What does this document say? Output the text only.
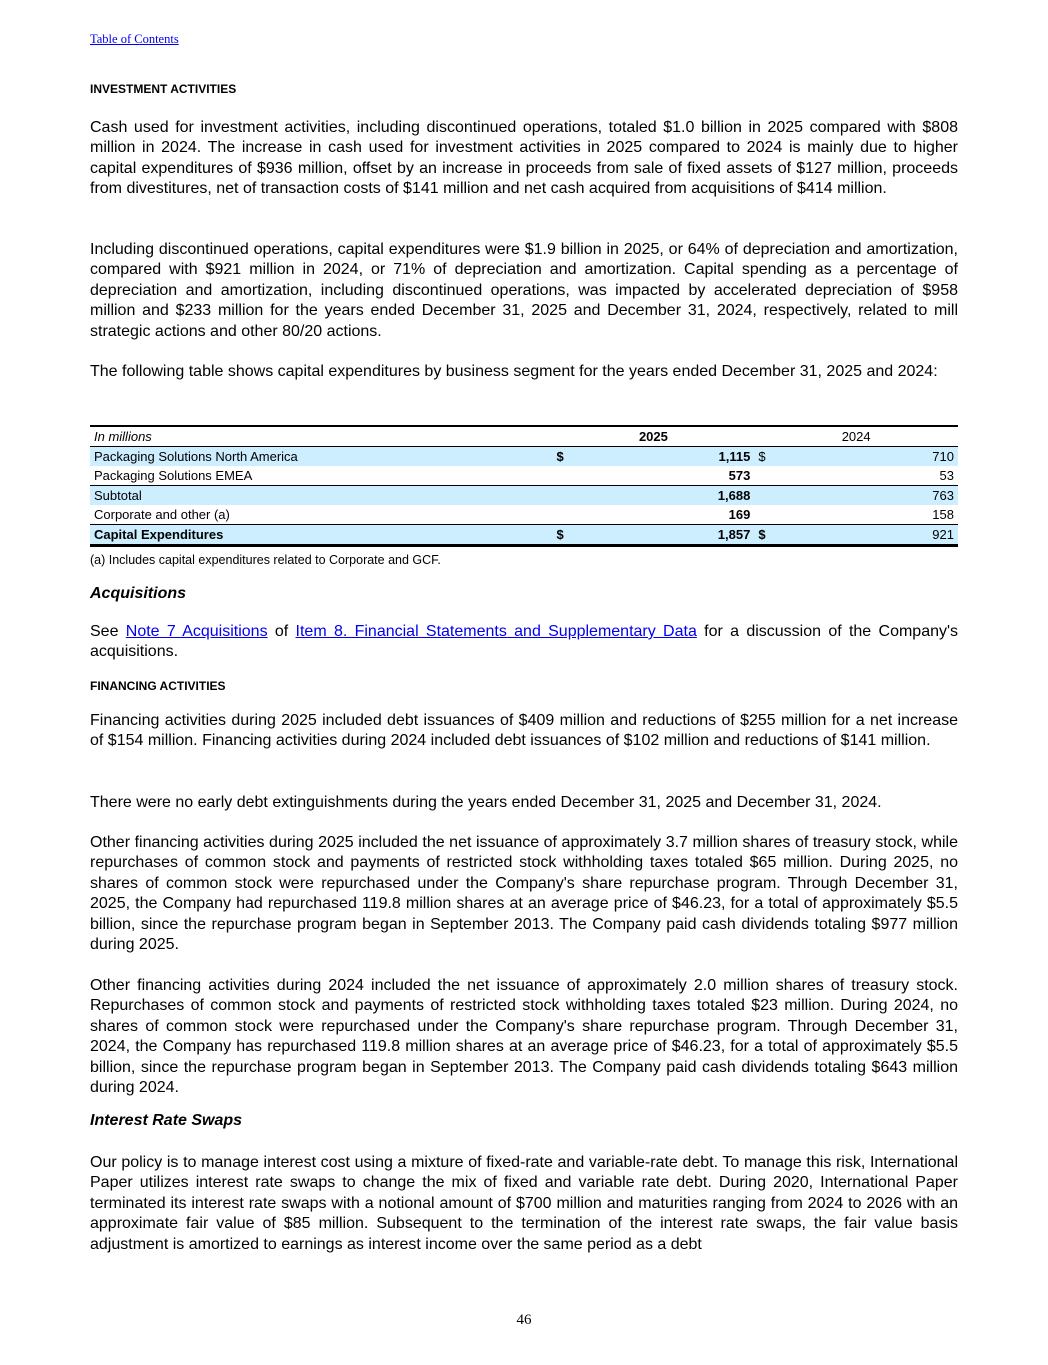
Table of Contents
INVESTMENT ACTIVITIES

Cash used for investment activities, including discontinued operations, totaled $1.0 billion in 2025 compared with $808 million in 2024. The increase in cash used for investment activities in 2025 compared to 2024 is mainly due to higher capital expenditures of $936 million, offset by an increase in proceeds from sale of fixed assets of $127 million, proceeds from divestitures, net of transaction costs of $141 million and net cash acquired from acquisitions of $414 million.

Including discontinued operations, capital expenditures were $1.9 billion in 2025, or 64% of depreciation and amortization, compared with $921 million in 2024, or 71% of depreciation and amortization. Capital spending as a percentage of depreciation and amortization, including discontinued operations, was impacted by accelerated depreciation of $958 million and $233 million for the years ended December 31, 2025 and December 31, 2024, respectively, related to mill strategic actions and other 80/20 actions.

The following table shows capital expenditures by business segment for the years ended December 31, 2025 and 2024:

In millions	2025		2024	
Packaging Solutions North America	$	1,115	$	710
Packaging Solutions EMEA		573		53
Subtotal		1,688		763
Corporate and other (a)		169		158
Capital Expenditures	$	1,857	$	921
(a) Includes capital expenditures related to Corporate and GCF.
Acquisitions

See Note 7 Acquisitions of Item 8. Financial Statements and Supplementary Data for a discussion of the Company's acquisitions.

FINANCING ACTIVITIES

Financing activities during 2025 included debt issuances of $409 million and reductions of $255 million for a net increase of $154 million. Financing activities during 2024 included debt issuances of $102 million and reductions of $141 million.

There were no early debt extinguishments during the years ended December 31, 2025 and December 31, 2024.

Other financing activities during 2025 included the net issuance of approximately 3.7 million shares of treasury stock, while repurchases of common stock and payments of restricted stock withholding taxes totaled $65 million. During 2025, no shares of common stock were repurchased under the Company's share repurchase program. Through December 31, 2025, the Company had repurchased 119.8 million shares at an average price of $46.23, for a total of approximately $5.5 billion, since the repurchase program began in September 2013. The Company paid cash dividends totaling $977 million during 2025.

Other financing activities during 2024 included the net issuance of approximately 2.0 million shares of treasury stock. Repurchases of common stock and payments of restricted stock withholding taxes totaled $23 million. During 2024, no shares of common stock were repurchased under the Company's share repurchase program. Through December 31, 2024, the Company has repurchased 119.8 million shares at an average price of $46.23, for a total of approximately $5.5 billion, since the repurchase program began in September 2013. The Company paid cash dividends totaling $643 million during 2024.

Interest Rate Swaps

Our policy is to manage interest cost using a mixture of fixed-rate and variable-rate debt. To manage this risk, International Paper utilizes interest rate swaps to change the mix of fixed and variable rate debt. During 2020, International Paper terminated its interest rate swaps with a notional amount of $700 million and maturities ranging from 2024 to 2026 with an approximate fair value of $85 million. Subsequent to the termination of the interest rate swaps, the fair value basis adjustment is amortized to earnings as interest income over the same period as a debt

46
